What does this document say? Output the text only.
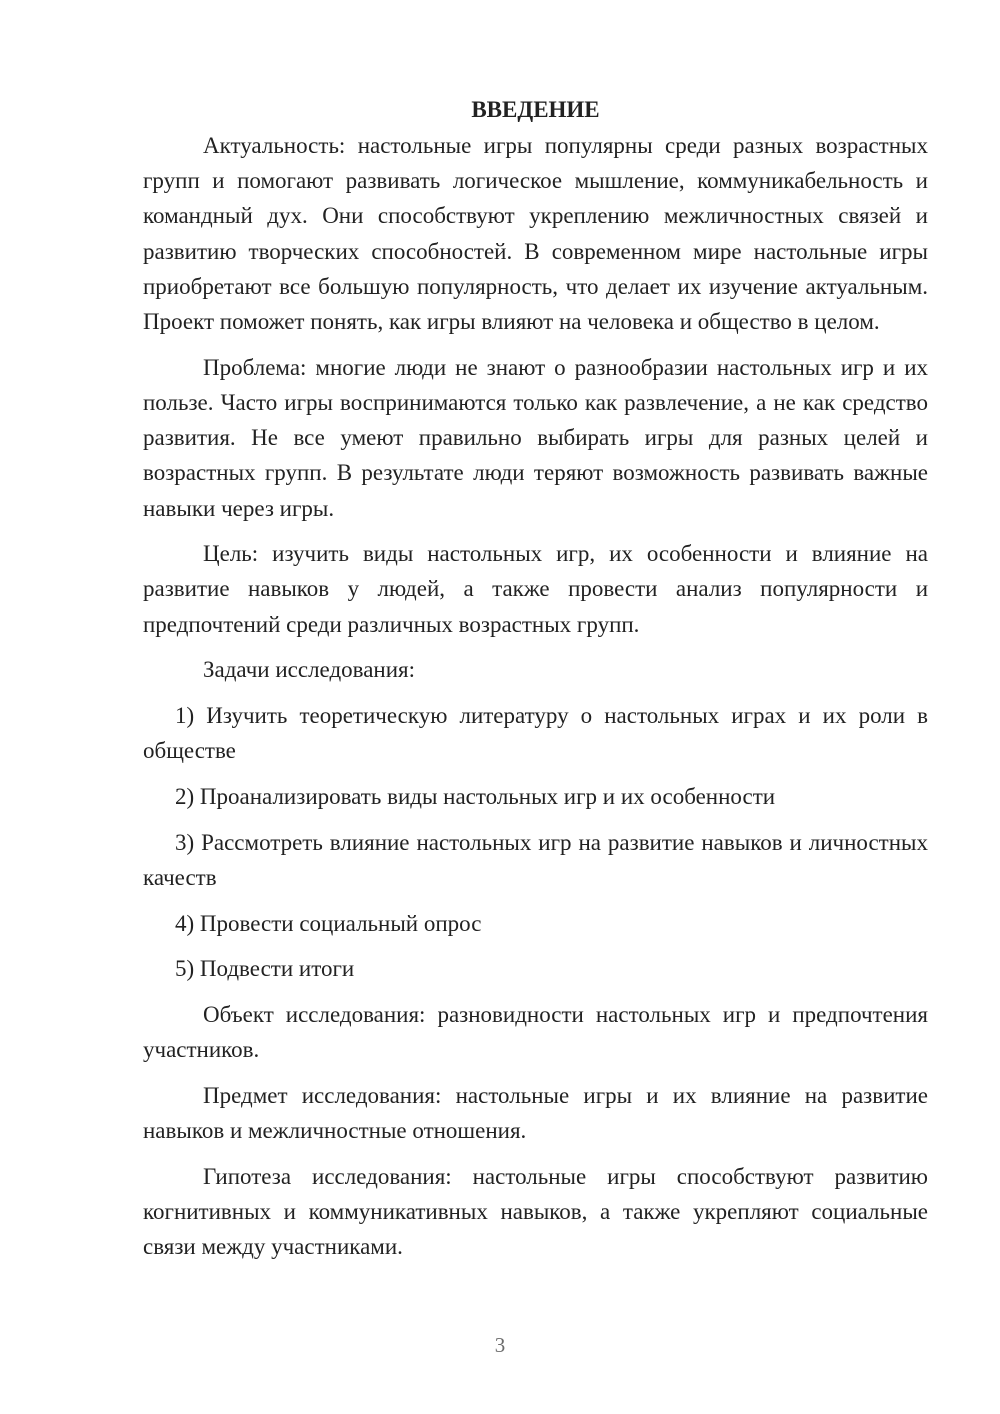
ВВЕДЕНИЕ

Актуальность: настольные игры популярны среди разных возрастных групп и помогают развивать логическое мышление, коммуникабельность и командный дух. Они способствуют укреплению межличностных связей и развитию творческих способностей. В современном мире настольные игры приобретают все большую популярность, что делает их изучение актуальным. Проект поможет понять, как игры влияют на человека и общество в целом.

Проблема: многие люди не знают о разнообразии настольных игр и их пользе. Часто игры воспринимаются только как развлечение, а не как средство развития. Не все умеют правильно выбирать игры для разных целей и возрастных групп. В результате люди теряют возможность развивать важные навыки через игры.

Цель: изучить виды настольных игр, их особенности и влияние на развитие навыков у людей, а также провести анализ популярности и предпочтений среди различных возрастных групп.

Задачи исследования:

1) Изучить теоретическую литературу о настольных играх и их роли в обществе

2) Проанализировать виды настольных игр и их особенности

3) Рассмотреть влияние настольных игр на развитие навыков и личностных качеств

4) Провести социальный опрос

5) Подвести итоги

Объект исследования: разновидности настольных игр и предпочтения участников.

Предмет исследования: настольные игры и их влияние на развитие навыков и межличностные отношения.

Гипотеза исследования: настольные игры способствуют развитию когнитивных и коммуникативных навыков, а также укрепляют социальные связи между участниками.

3
